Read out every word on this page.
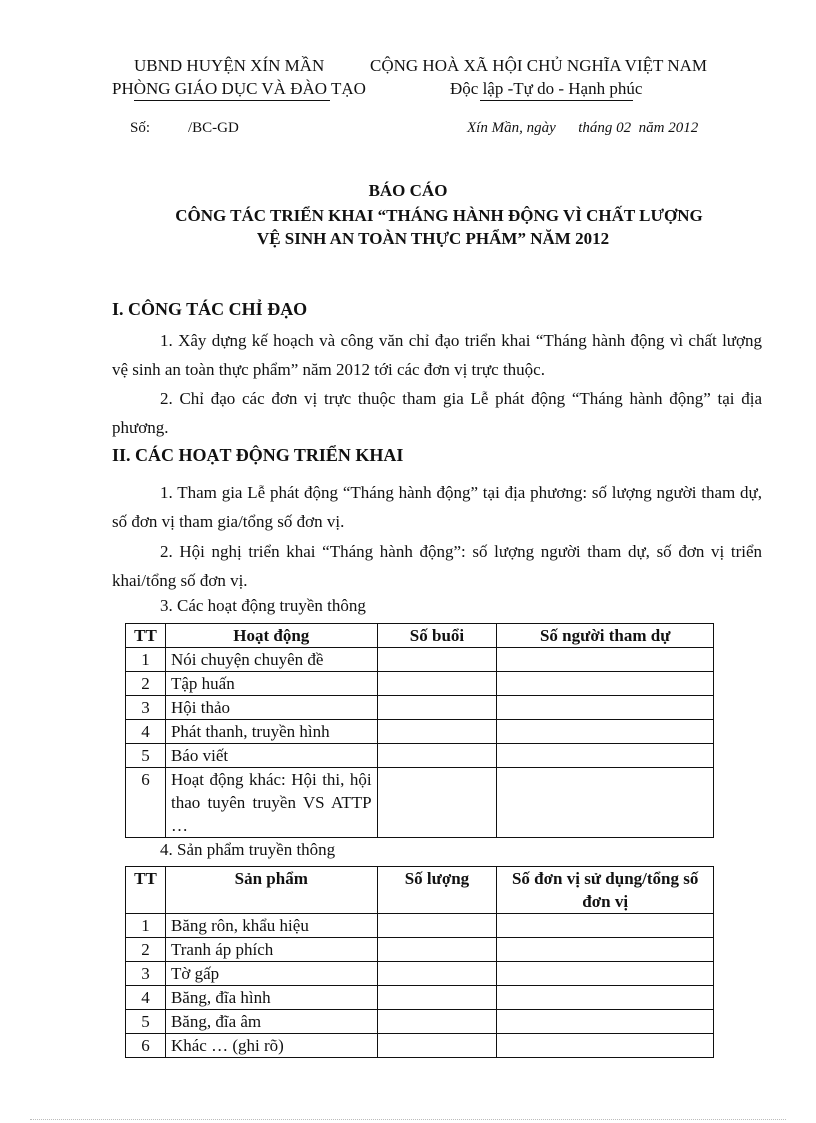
UBND HUYỆN XÍN MẦN
PHÒNG GIÁO DỤC VÀ ĐÀO TẠO
CỘNG HOÀ XÃ HỘI CHỦ NGHĨA VIỆT NAM
Độc lập -Tự do - Hạnh phúc
Số:	/BC-GD	Xín Mần, ngày      tháng 02  năm 2012
BÁO CÁO
CÔNG TÁC TRIỂN KHAI “THÁNG HÀNH ĐỘNG VÌ CHẤT LƯỢNG
VỆ SINH AN TOÀN THỰC PHẨM” NĂM 2012
I. CÔNG TÁC CHỈ ĐẠO
1. Xây dựng kế hoạch và công văn chỉ đạo triển khai “Tháng hành động vì chất lượng vệ sinh an toàn thực phẩm” năm 2012 tới các đơn vị trực thuộc.
2. Chỉ đạo các đơn vị trực thuộc tham gia Lễ phát động “Tháng hành động” tại địa phương.
II. CÁC HOẠT ĐỘNG TRIỂN KHAI
1. Tham gia Lễ phát động “Tháng hành động” tại địa phương: số lượng người tham dự, số đơn vị tham gia/tổng số đơn vị.
2. Hội nghị triển khai “Tháng hành động”: số lượng người tham dự, số đơn vị triển khai/tổng số đơn vị.
3. Các hoạt động truyền thông
TT	Hoạt động	Số buổi	Số người tham dự
1	Nói chuyện chuyên đề		
2	Tập huấn		
3	Hội thảo		
4	Phát thanh, truyền hình		
5	Báo viết		
6	Hoạt động khác: Hội thi, hội thao tuyên truyền VS ATTP …		
4. Sản phẩm truyền thông
TT	Sản phẩm	Số lượng	Số đơn vị sử dụng/tổng số đơn vị
1	Băng rôn, khẩu hiệu		
2	Tranh áp phích		
3	Tờ gấp		
4	Băng, đĩa hình		
5	Băng, đĩa âm		
6	Khác … (ghi rõ)		
